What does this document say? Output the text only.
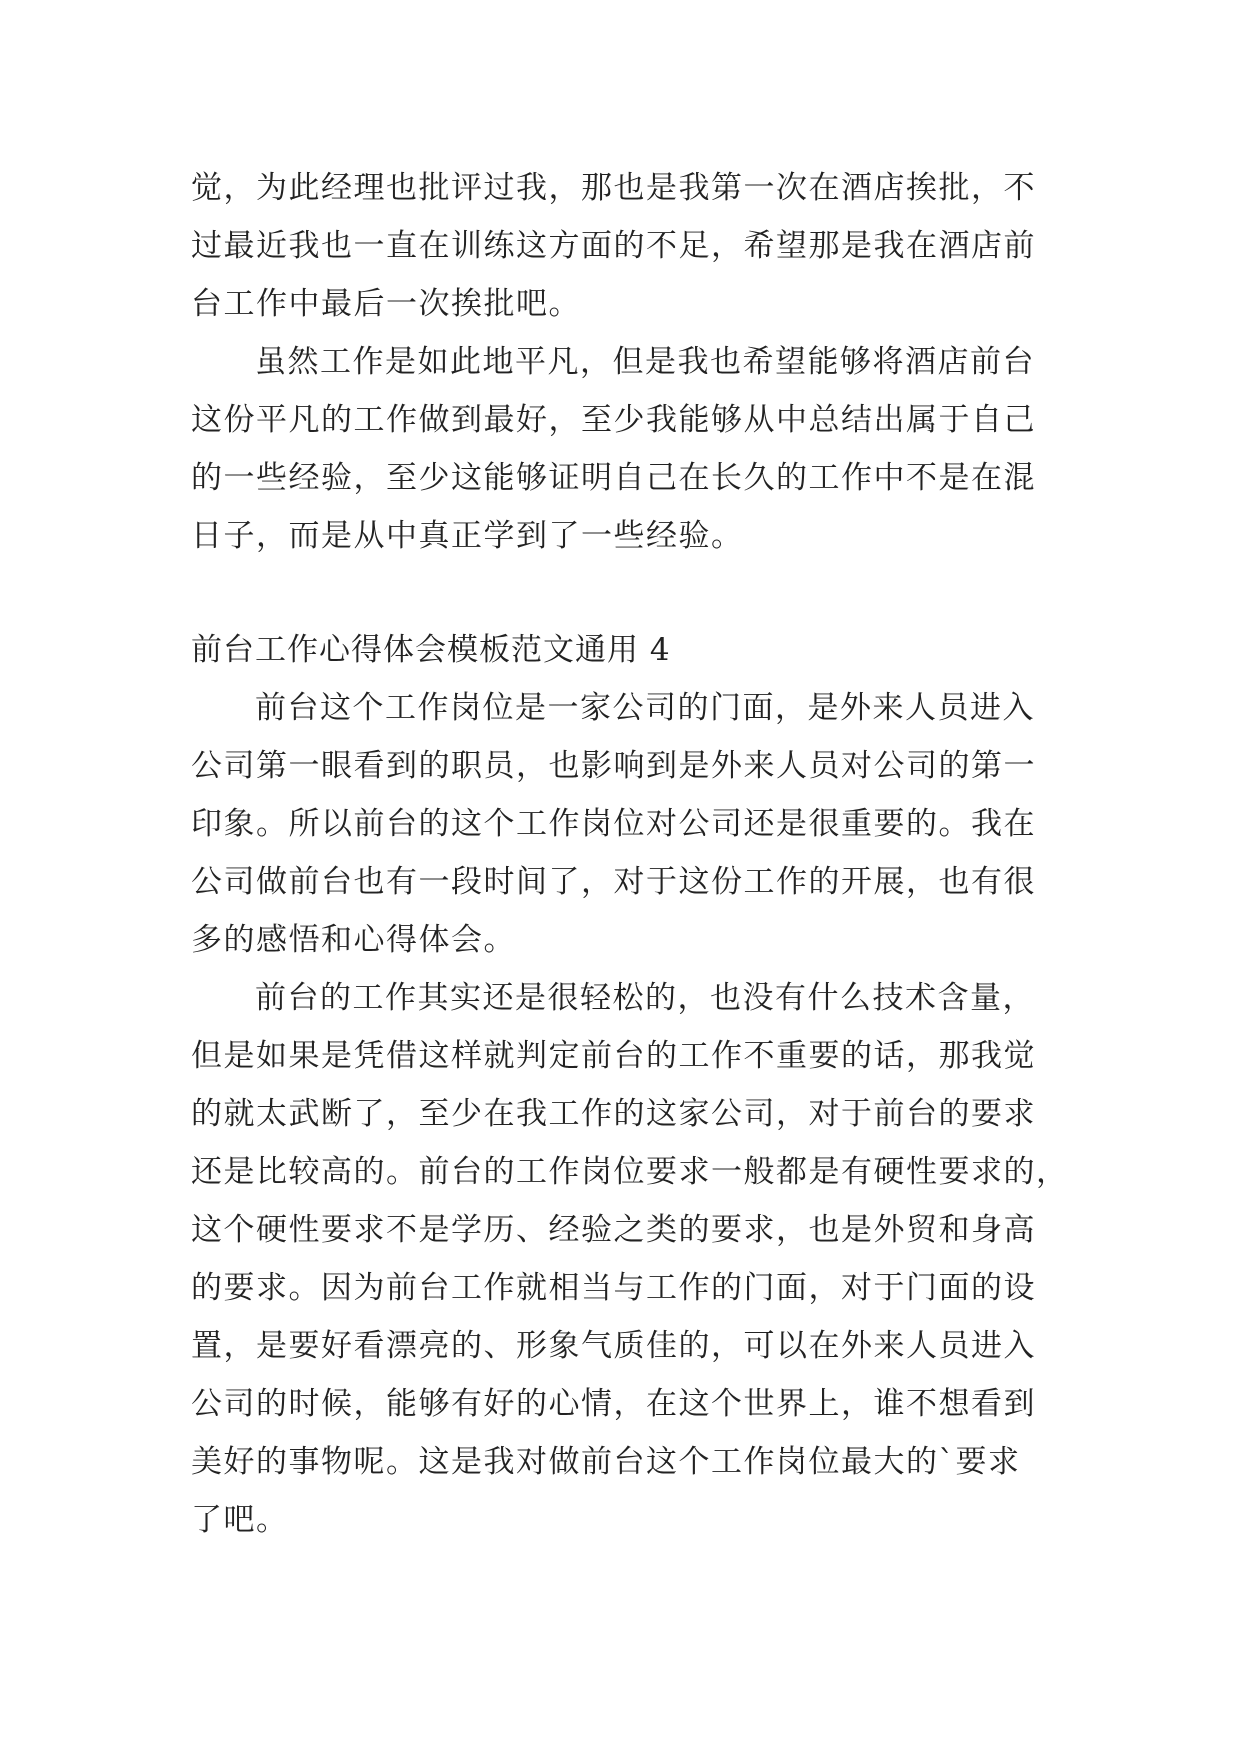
觉，为此经理也批评过我，那也是我第一次在酒店挨批，不
过最近我也一直在训练这方面的不足，希望那是我在酒店前
台工作中最后一次挨批吧。
虽然工作是如此地平凡，但是我也希望能够将酒店前台
这份平凡的工作做到最好，至少我能够从中总结出属于自己
的一些经验，至少这能够证明自己在长久的工作中不是在混
日子，而是从中真正学到了一些经验。
前台工作心得体会模板范文通用 4
前台这个工作岗位是一家公司的门面，是外来人员进入
公司第一眼看到的职员，也影响到是外来人员对公司的第一
印象。所以前台的这个工作岗位对公司还是很重要的。我在
公司做前台也有一段时间了，对于这份工作的开展，也有很
多的感悟和心得体会。
前台的工作其实还是很轻松的，也没有什么技术含量，
但是如果是凭借这样就判定前台的工作不重要的话，那我觉
的就太武断了，至少在我工作的这家公司，对于前台的要求
还是比较高的。前台的工作岗位要求一般都是有硬性要求的，
这个硬性要求不是学历、经验之类的要求，也是外贸和身高
的要求。因为前台工作就相当与工作的门面，对于门面的设
置，是要好看漂亮的、形象气质佳的，可以在外来人员进入
公司的时候，能够有好的心情，在这个世界上，谁不想看到
美好的事物呢。这是我对做前台这个工作岗位最大的`要求
了吧。
